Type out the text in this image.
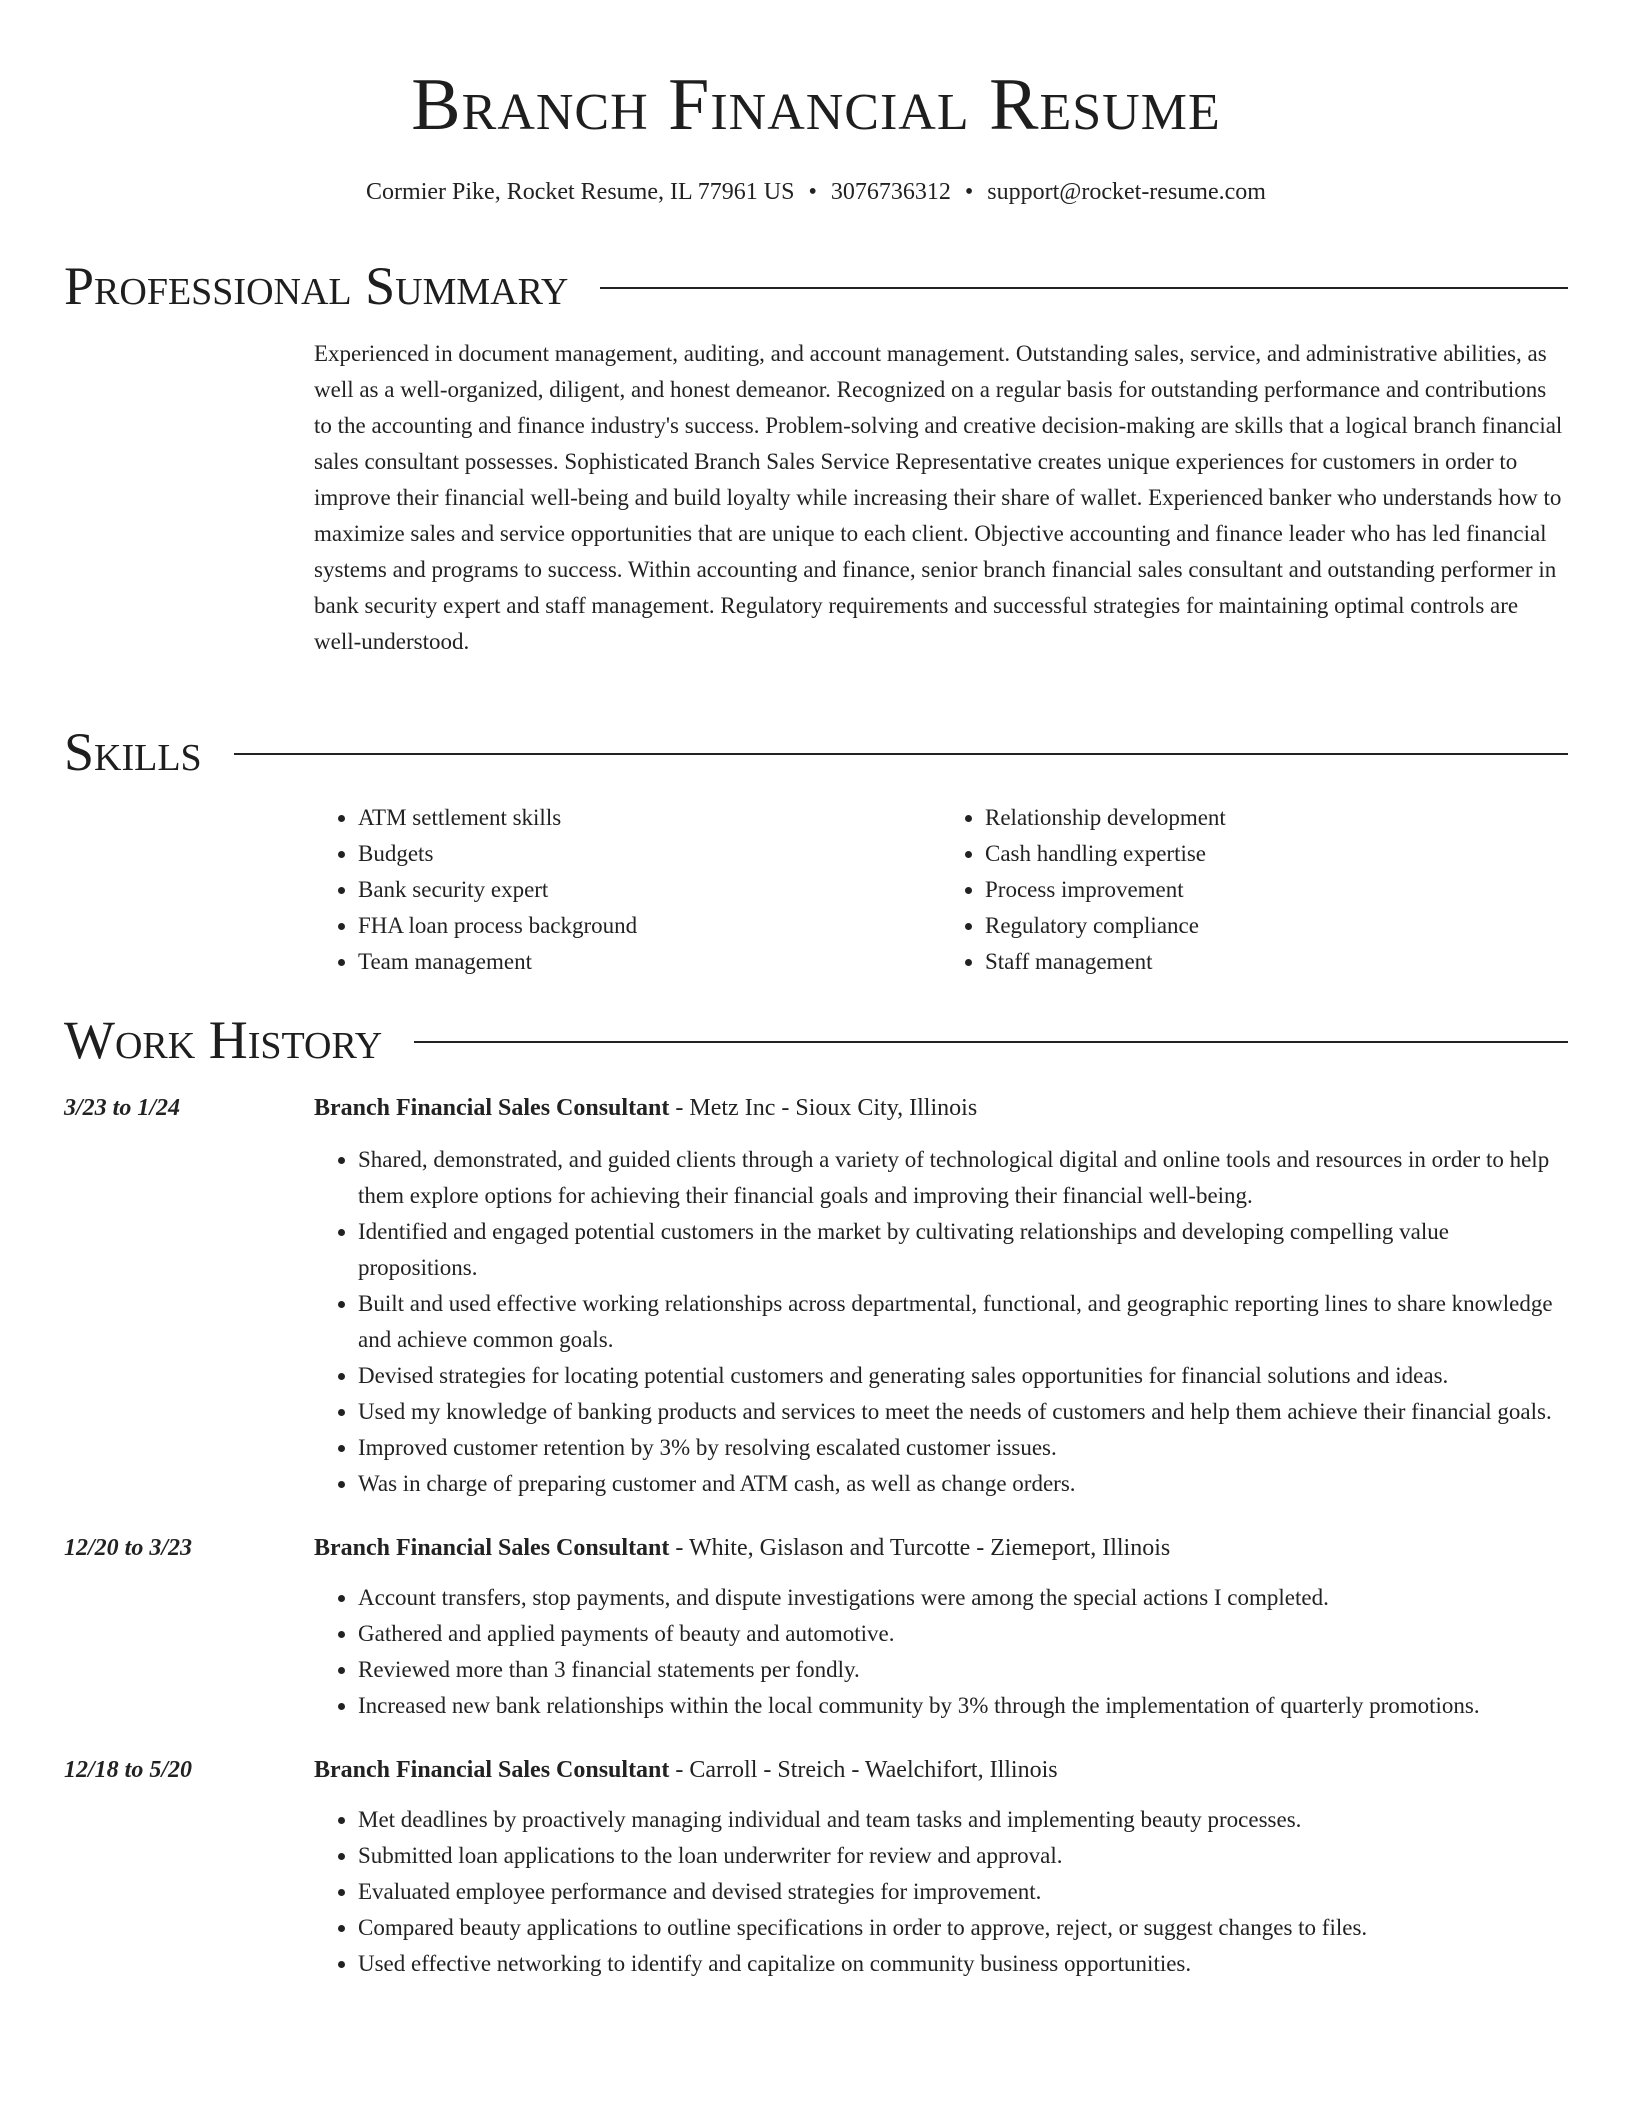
Branch Financial Resume
Cormier Pike, Rocket Resume, IL 77961 US • 3076736312 • support@rocket-resume.com
Professional Summary

Experienced in document management, auditing, and account management. Outstanding sales, service, and administrative abilities, as well as a well-organized, diligent, and honest demeanor. Recognized on a regular basis for outstanding performance and contributions to the accounting and finance industry's success. Problem-solving and creative decision-making are skills that a logical branch financial sales consultant possesses. Sophisticated Branch Sales Service Representative creates unique experiences for customers in order to improve their financial well-being and build loyalty while increasing their share of wallet. Experienced banker who understands how to maximize sales and service opportunities that are unique to each client. Objective accounting and finance leader who has led financial systems and programs to success. Within accounting and finance, senior branch financial sales consultant and outstanding performer in bank security expert and staff management. Regulatory requirements and successful strategies for maintaining optimal controls are well-understood.

Skills
• ATM settlement skills
• Budgets
• Bank security expert
• FHA loan process background
• Team management
• Relationship development
• Cash handling expertise
• Process improvement
• Regulatory compliance
• Staff management
Work History
3/23 to 1/24	Branch Financial Sales Consultant - Metz Inc - Sioux City, Illinois
• Shared, demonstrated, and guided clients through a variety of technological digital and online tools and resources in order to help them explore options for achieving their financial goals and improving their financial well-being.
• Identified and engaged potential customers in the market by cultivating relationships and developing compelling value propositions.
• Built and used effective working relationships across departmental, functional, and geographic reporting lines to share knowledge and achieve common goals.
• Devised strategies for locating potential customers and generating sales opportunities for financial solutions and ideas.
• Used my knowledge of banking products and services to meet the needs of customers and help them achieve their financial goals.
• Improved customer retention by 3% by resolving escalated customer issues.
• Was in charge of preparing customer and ATM cash, as well as change orders.
12/20 to 3/23	Branch Financial Sales Consultant - White, Gislason and Turcotte - Ziemeport, Illinois
• Account transfers, stop payments, and dispute investigations were among the special actions I completed.
• Gathered and applied payments of beauty and automotive.
• Reviewed more than 3 financial statements per fondly.
• Increased new bank relationships within the local community by 3% through the implementation of quarterly promotions.
12/18 to 5/20	Branch Financial Sales Consultant - Carroll - Streich - Waelchifort, Illinois
• Met deadlines by proactively managing individual and team tasks and implementing beauty processes.
• Submitted loan applications to the loan underwriter for review and approval.
• Evaluated employee performance and devised strategies for improvement.
• Compared beauty applications to outline specifications in order to approve, reject, or suggest changes to files.
• Used effective networking to identify and capitalize on community business opportunities.
